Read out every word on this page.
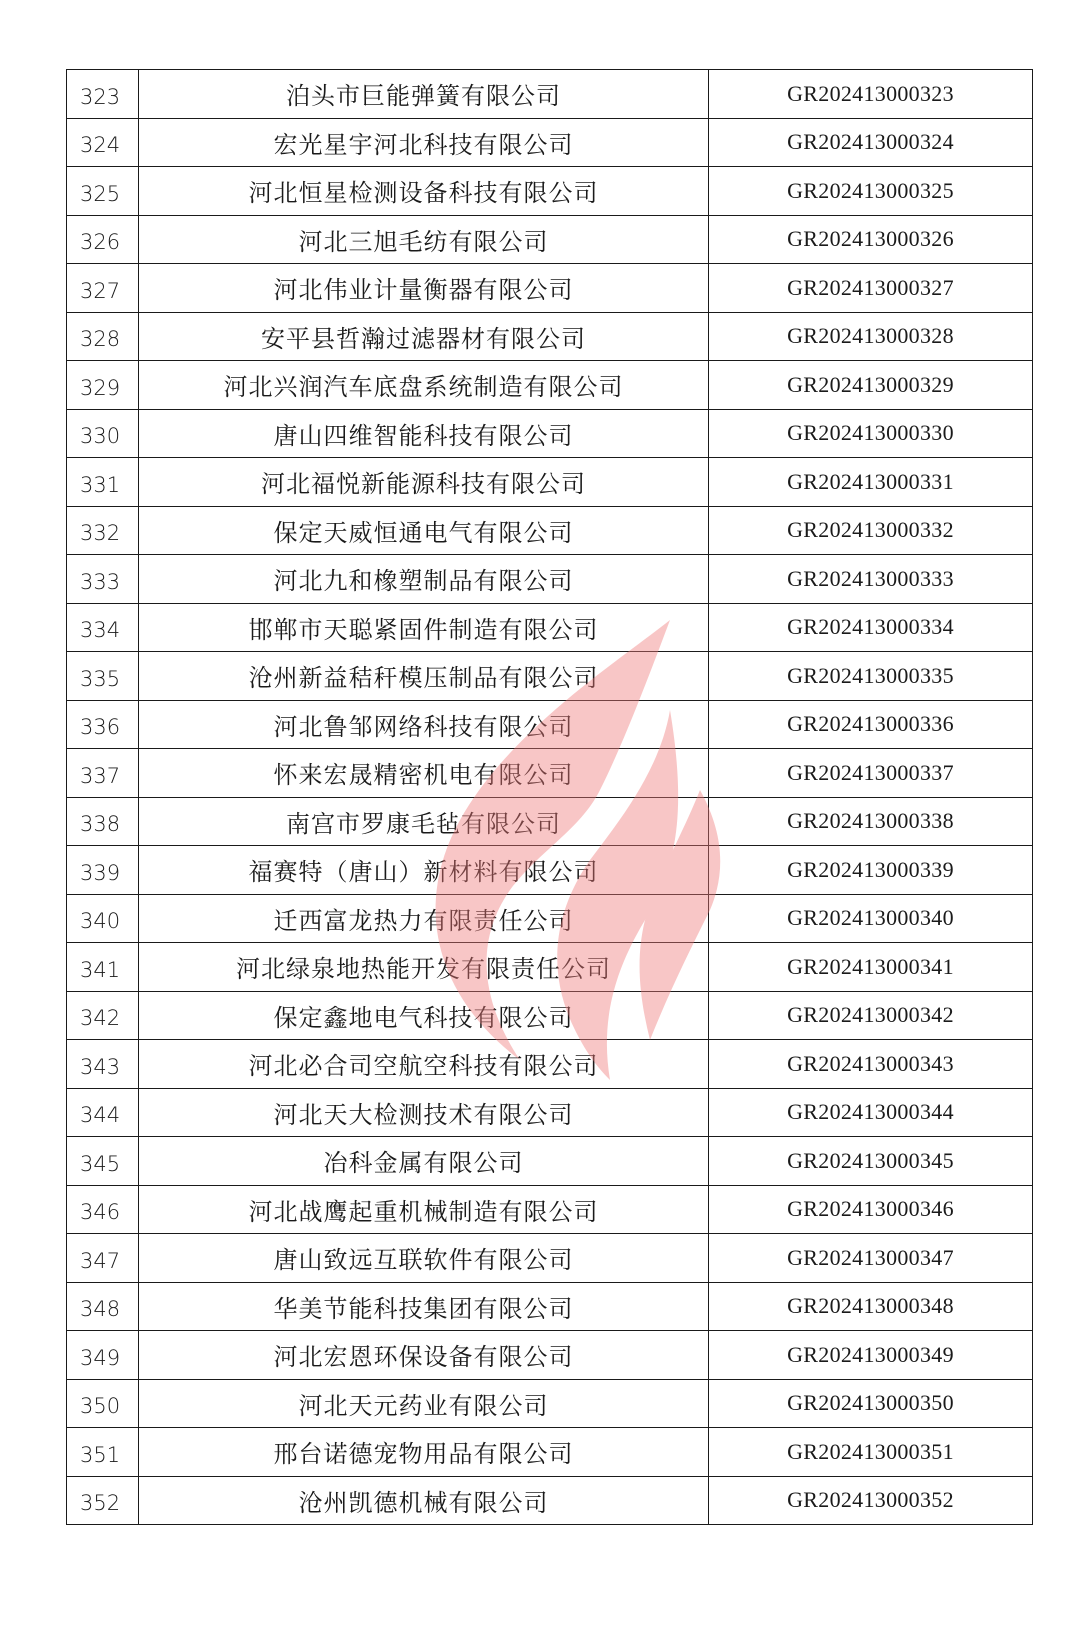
323	泊头市巨能弹簧有限公司	GR202413000323
324	宏光星宇河北科技有限公司	GR202413000324
325	河北恒星检测设备科技有限公司	GR202413000325
326	河北三旭毛纺有限公司	GR202413000326
327	河北伟业计量衡器有限公司	GR202413000327
328	安平县哲瀚过滤器材有限公司	GR202413000328
329	河北兴润汽车底盘系统制造有限公司	GR202413000329
330	唐山四维智能科技有限公司	GR202413000330
331	河北福悦新能源科技有限公司	GR202413000331
332	保定天威恒通电气有限公司	GR202413000332
333	河北九和橡塑制品有限公司	GR202413000333
334	邯郸市天聪紧固件制造有限公司	GR202413000334
335	沧州新益秸秆模压制品有限公司	GR202413000335
336	河北鲁邹网络科技有限公司	GR202413000336
337	怀来宏晟精密机电有限公司	GR202413000337
338	南宫市罗康毛毡有限公司	GR202413000338
339	福赛特（唐山）新材料有限公司	GR202413000339
340	迁西富龙热力有限责任公司	GR202413000340
341	河北绿泉地热能开发有限责任公司	GR202413000341
342	保定鑫地电气科技有限公司	GR202413000342
343	河北必合司空航空科技有限公司	GR202413000343
344	河北天大检测技术有限公司	GR202413000344
345	冶科金属有限公司	GR202413000345
346	河北战鹰起重机械制造有限公司	GR202413000346
347	唐山致远互联软件有限公司	GR202413000347
348	华美节能科技集团有限公司	GR202413000348
349	河北宏恩环保设备有限公司	GR202413000349
350	河北天元药业有限公司	GR202413000350
351	邢台诺德宠物用品有限公司	GR202413000351
352	沧州凯德机械有限公司	GR202413000352
